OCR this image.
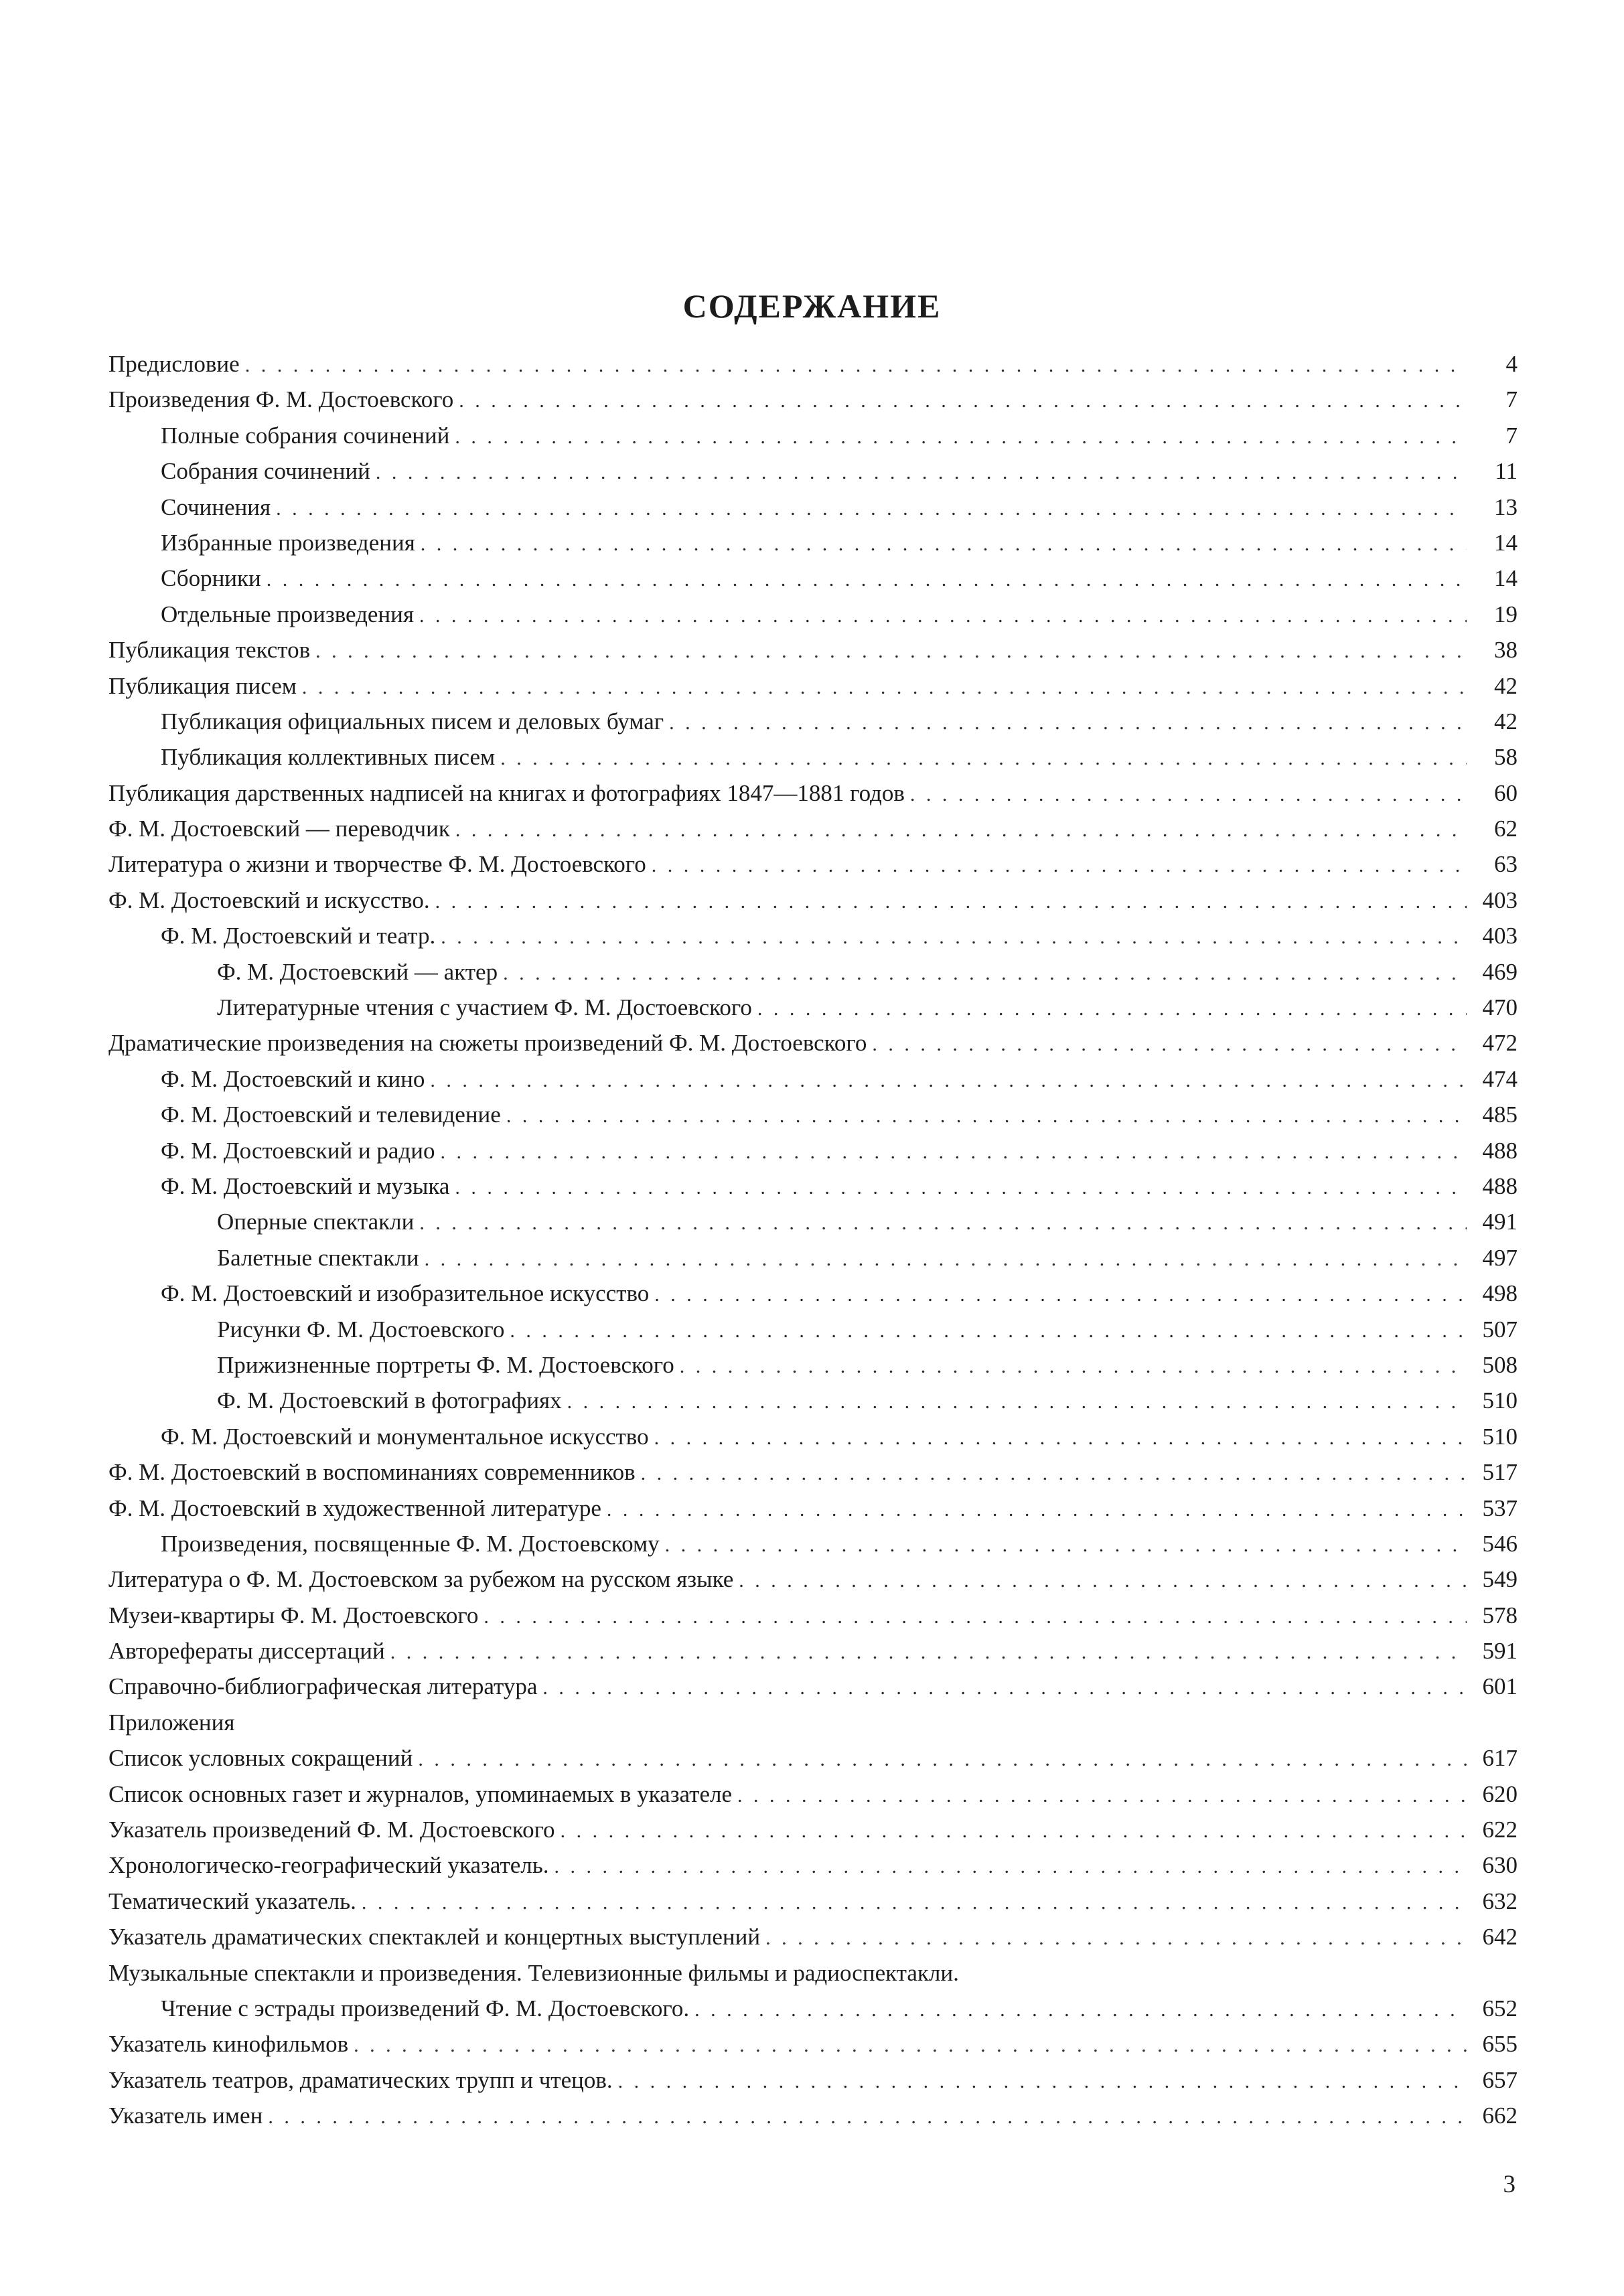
СОДЕРЖАНИЕ
Предисловие . . .	4
Произведения Ф. М. Достоевского . . .	7
Полные собрания сочинений . . .	7
Собрания сочинений . . .	11
Сочинения . . .	13
Избранные произведения . . .	14
Сборники . . .	14
Отдельные произведения . . .	19
Публикация текстов . . .	38
Публикация писем . . .	42
Публикация официальных писем и деловых бумаг . . .	42
Публикация коллективных писем . . .	58
Публикация дарственных надписей на книгах и фотографиях 1847—1881 годов . . .	60
Ф. М. Достоевский — переводчик . . .	62
Литература о жизни и творчестве Ф. М. Достоевского . . .	63
Ф. М. Достоевский и искусство. . . .	403
Ф. М. Достоевский и театр. . . .	403
Ф. М. Достоевский — актер . . .	469
Литературные чтения с участием Ф. М. Достоевского . . .	470
Драматические произведения на сюжеты произведений Ф. М. Достоевского . . .	472
Ф. М. Достоевский и кино . . .	474
Ф. М. Достоевский и телевидение . . .	485
Ф. М. Достоевский и радио . . .	488
Ф. М. Достоевский и музыка . . .	488
Оперные спектакли . . .	491
Балетные спектакли . . .	497
Ф. М. Достоевский и изобразительное искусство . . .	498
Рисунки Ф. М. Достоевского . . .	507
Прижизненные портреты Ф. М. Достоевского . . .	508
Ф. М. Достоевский в фотографиях . . .	510
Ф. М. Достоевский и монументальное искусство . . .	510
Ф. М. Достоевский в воспоминаниях современников . . .	517
Ф. М. Достоевский в художественной литературе . . .	537
Произведения, посвященные Ф. М. Достоевскому . . .	546
Литература о Ф. М. Достоевском за рубежом на русском языке . . .	549
Музеи-квартиры Ф. М. Достоевского . . .	578
Авторефераты диссертаций . . .	591
Справочно-библиографическая литература . . .	601
Приложения
Список условных сокращений . . .	617
Список основных газет и журналов, упоминаемых в указателе . . .	620
Указатель произведений Ф. М. Достоевского . . .	622
Хронологическо-географический указатель. . . .	630
Тематический указатель. . . .	632
Указатель драматических спектаклей и концертных выступлений . . .	642
Музыкальные спектакли и произведения. Телевизионные фильмы и радиоспектакли.
Чтение с эстрады произведений Ф. М. Достоевского. . . .	652
Указатель кинофильмов . . .	655
Указатель театров, драматических трупп и чтецов. . . .	657
Указатель имен . . .	662
3
